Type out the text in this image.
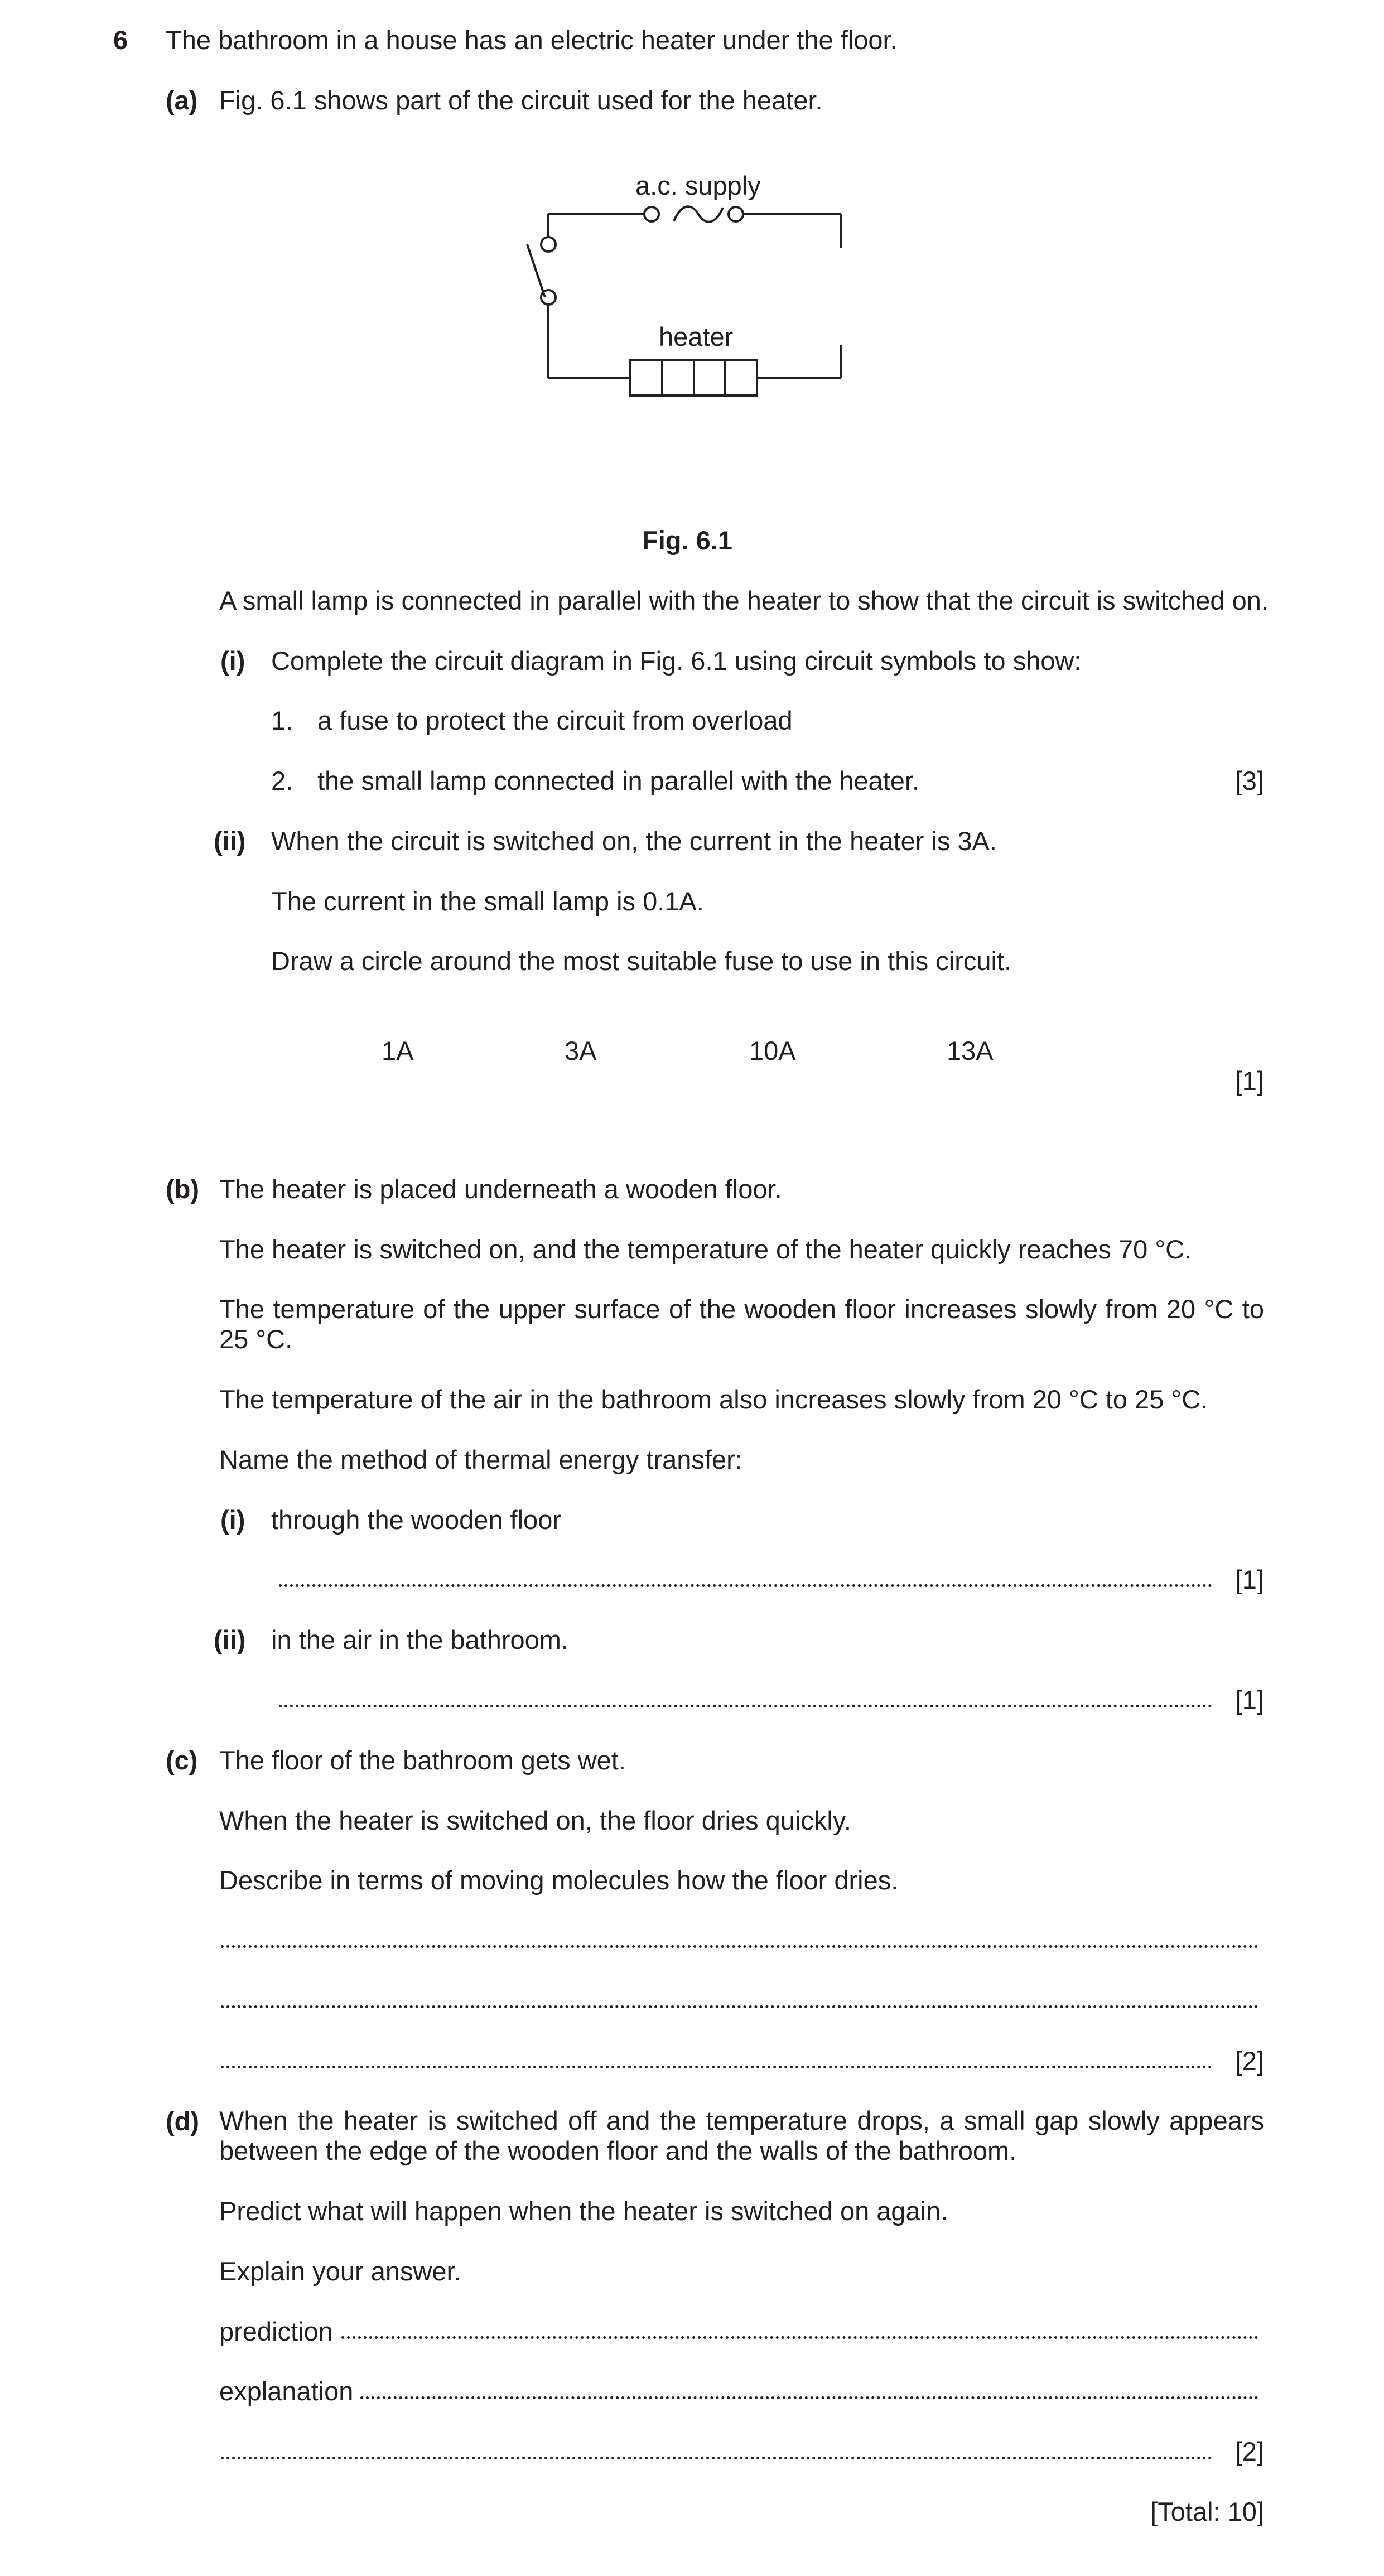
6 The bathroom in a house has an electric heater under the floor.
(a) Fig. 6.1 shows part of the circuit used for the heater.
a.c. supply
heater
Fig. 6.1
A small lamp is connected in parallel with the heater to show that the circuit is switched on.
(i) Complete the circuit diagram in Fig. 6.1 using circuit symbols to show:
1. a fuse to protect the circuit from overload
2. the small lamp connected in parallel with the heater.	[3]
(ii) When the circuit is switched on, the current in the heater is 3A.
The current in the small lamp is 0.1A.
Draw a circle around the most suitable fuse to use in this circuit.
1A	3A	10A	13A
[1]
(b) The heater is placed underneath a wooden floor.
The heater is switched on, and the temperature of the heater quickly reaches 70 °C.
The temperature of the upper surface of the wooden floor increases slowly from 20 °C to 25 °C.
The temperature of the air in the bathroom also increases slowly from 20 °C to 25 °C.
Name the method of thermal energy transfer:
(i) through the wooden floor
[1]
(ii) in the air in the bathroom.
[1]
(c) The floor of the bathroom gets wet.
When the heater is switched on, the floor dries quickly.
Describe in terms of moving molecules how the floor dries.
[2]
(d) When the heater is switched off and the temperature drops, a small gap slowly appears between the edge of the wooden floor and the walls of the bathroom.
Predict what will happen when the heater is switched on again.
Explain your answer.
prediction
explanation
[2]
[Total: 10]
